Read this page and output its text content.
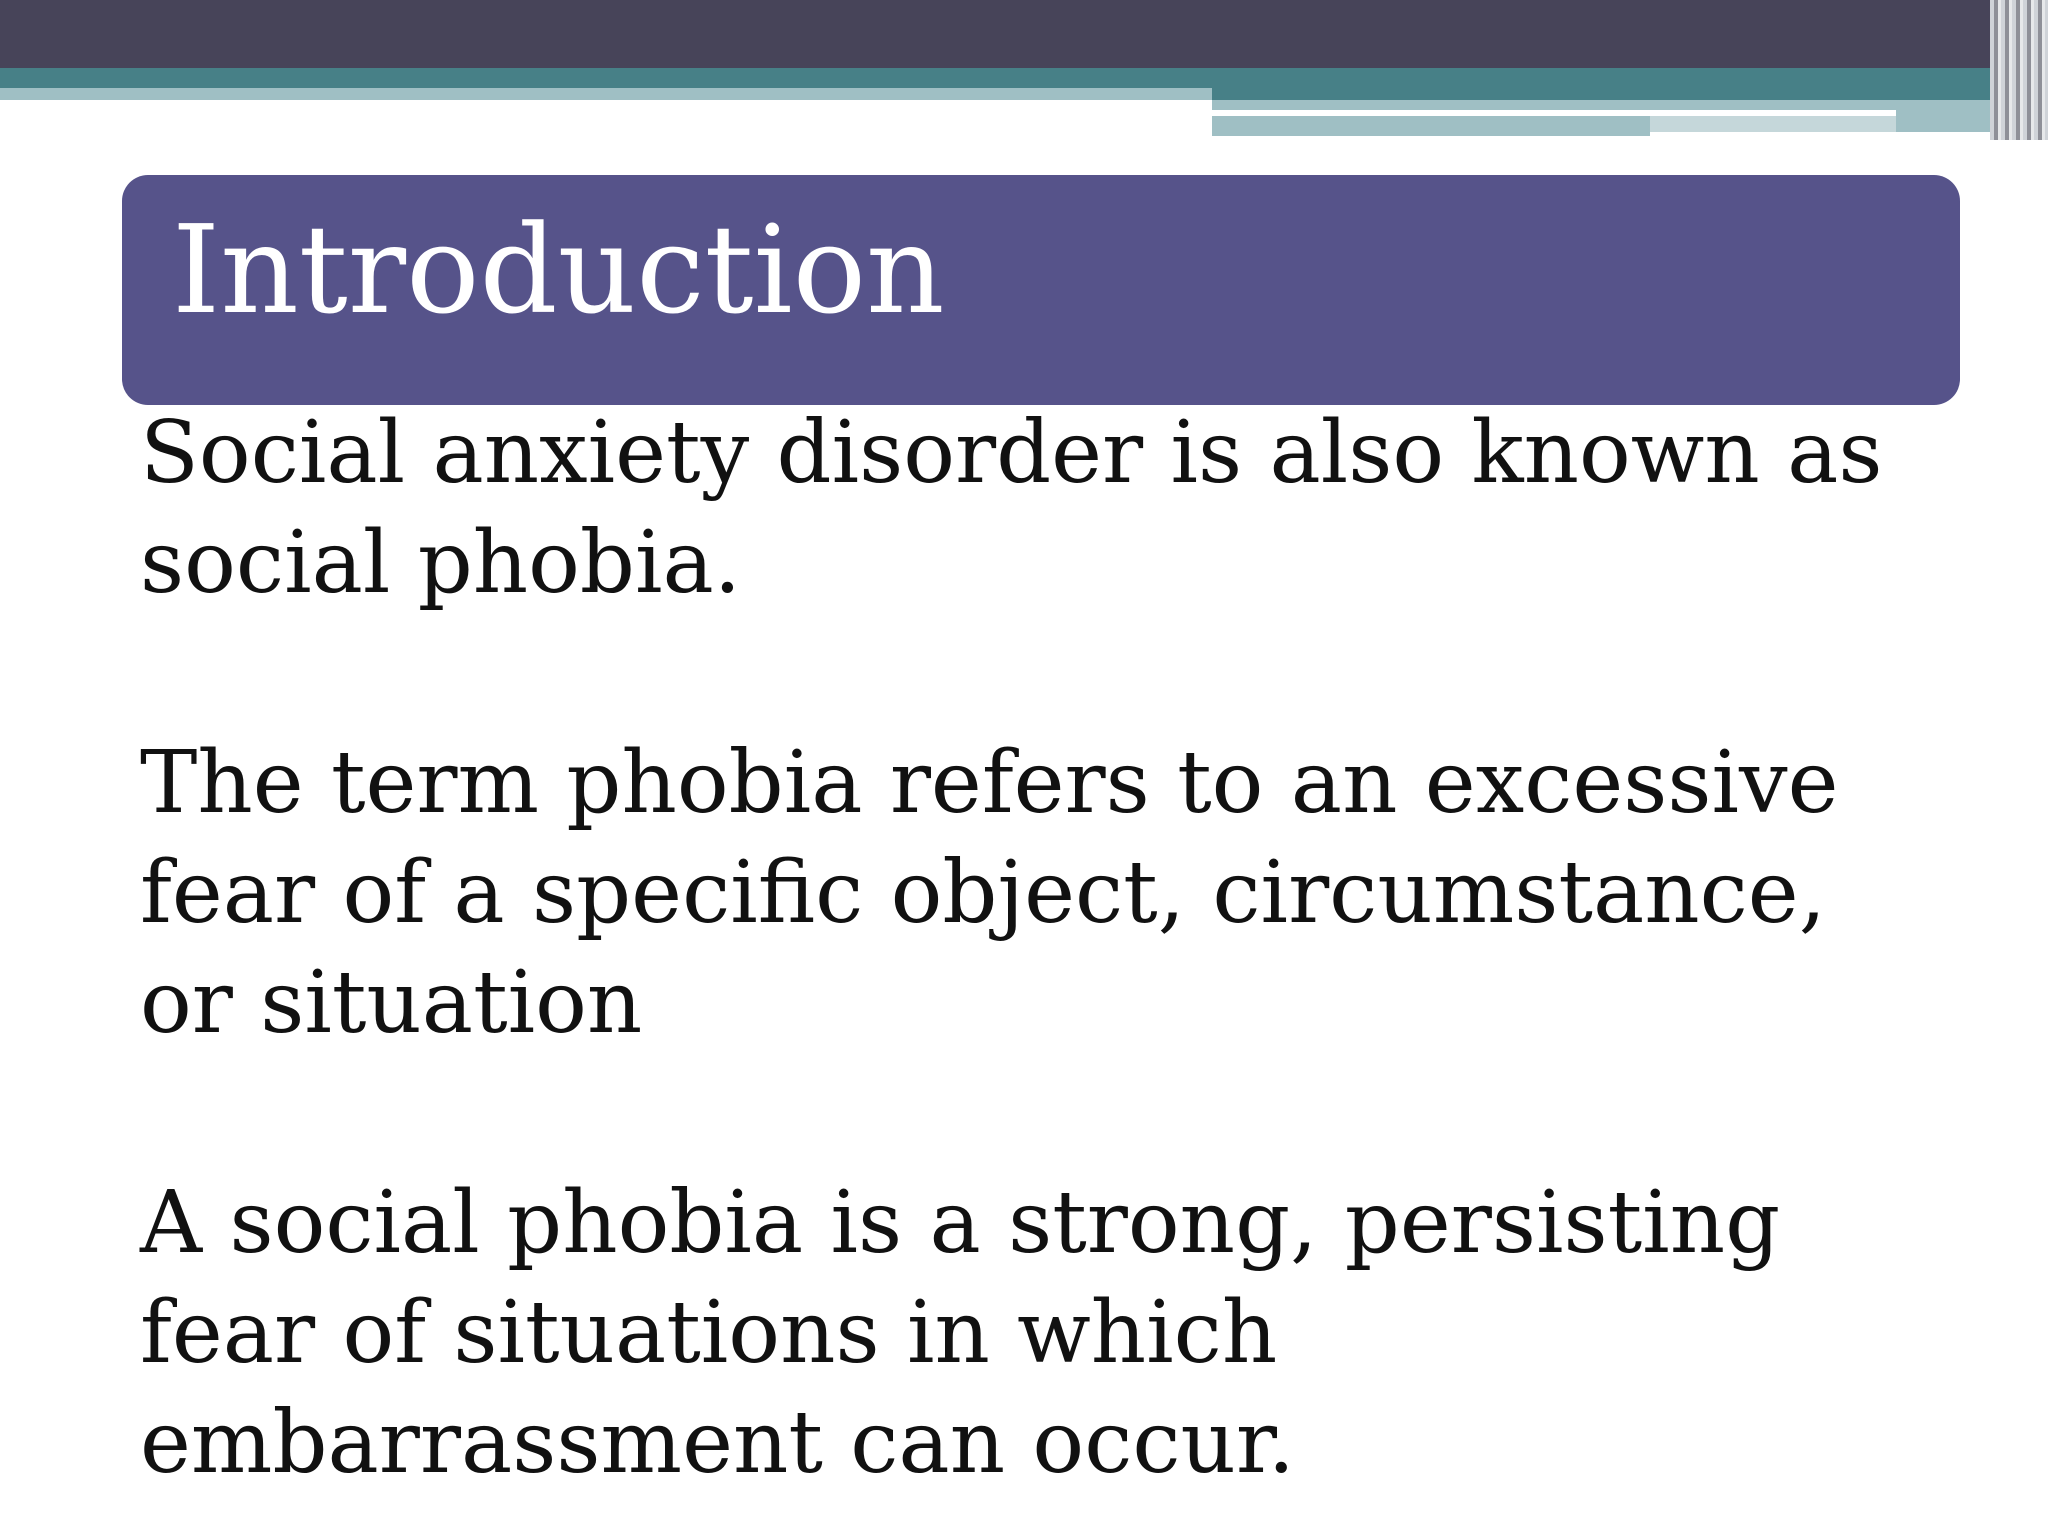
Introduction

Social anxiety disorder is also known as social phobia.

The term phobia refers to an excessive fear of a specific object, circumstance, or situation

A social phobia is a strong, persisting fear of situations in which embarrassment can occur.
